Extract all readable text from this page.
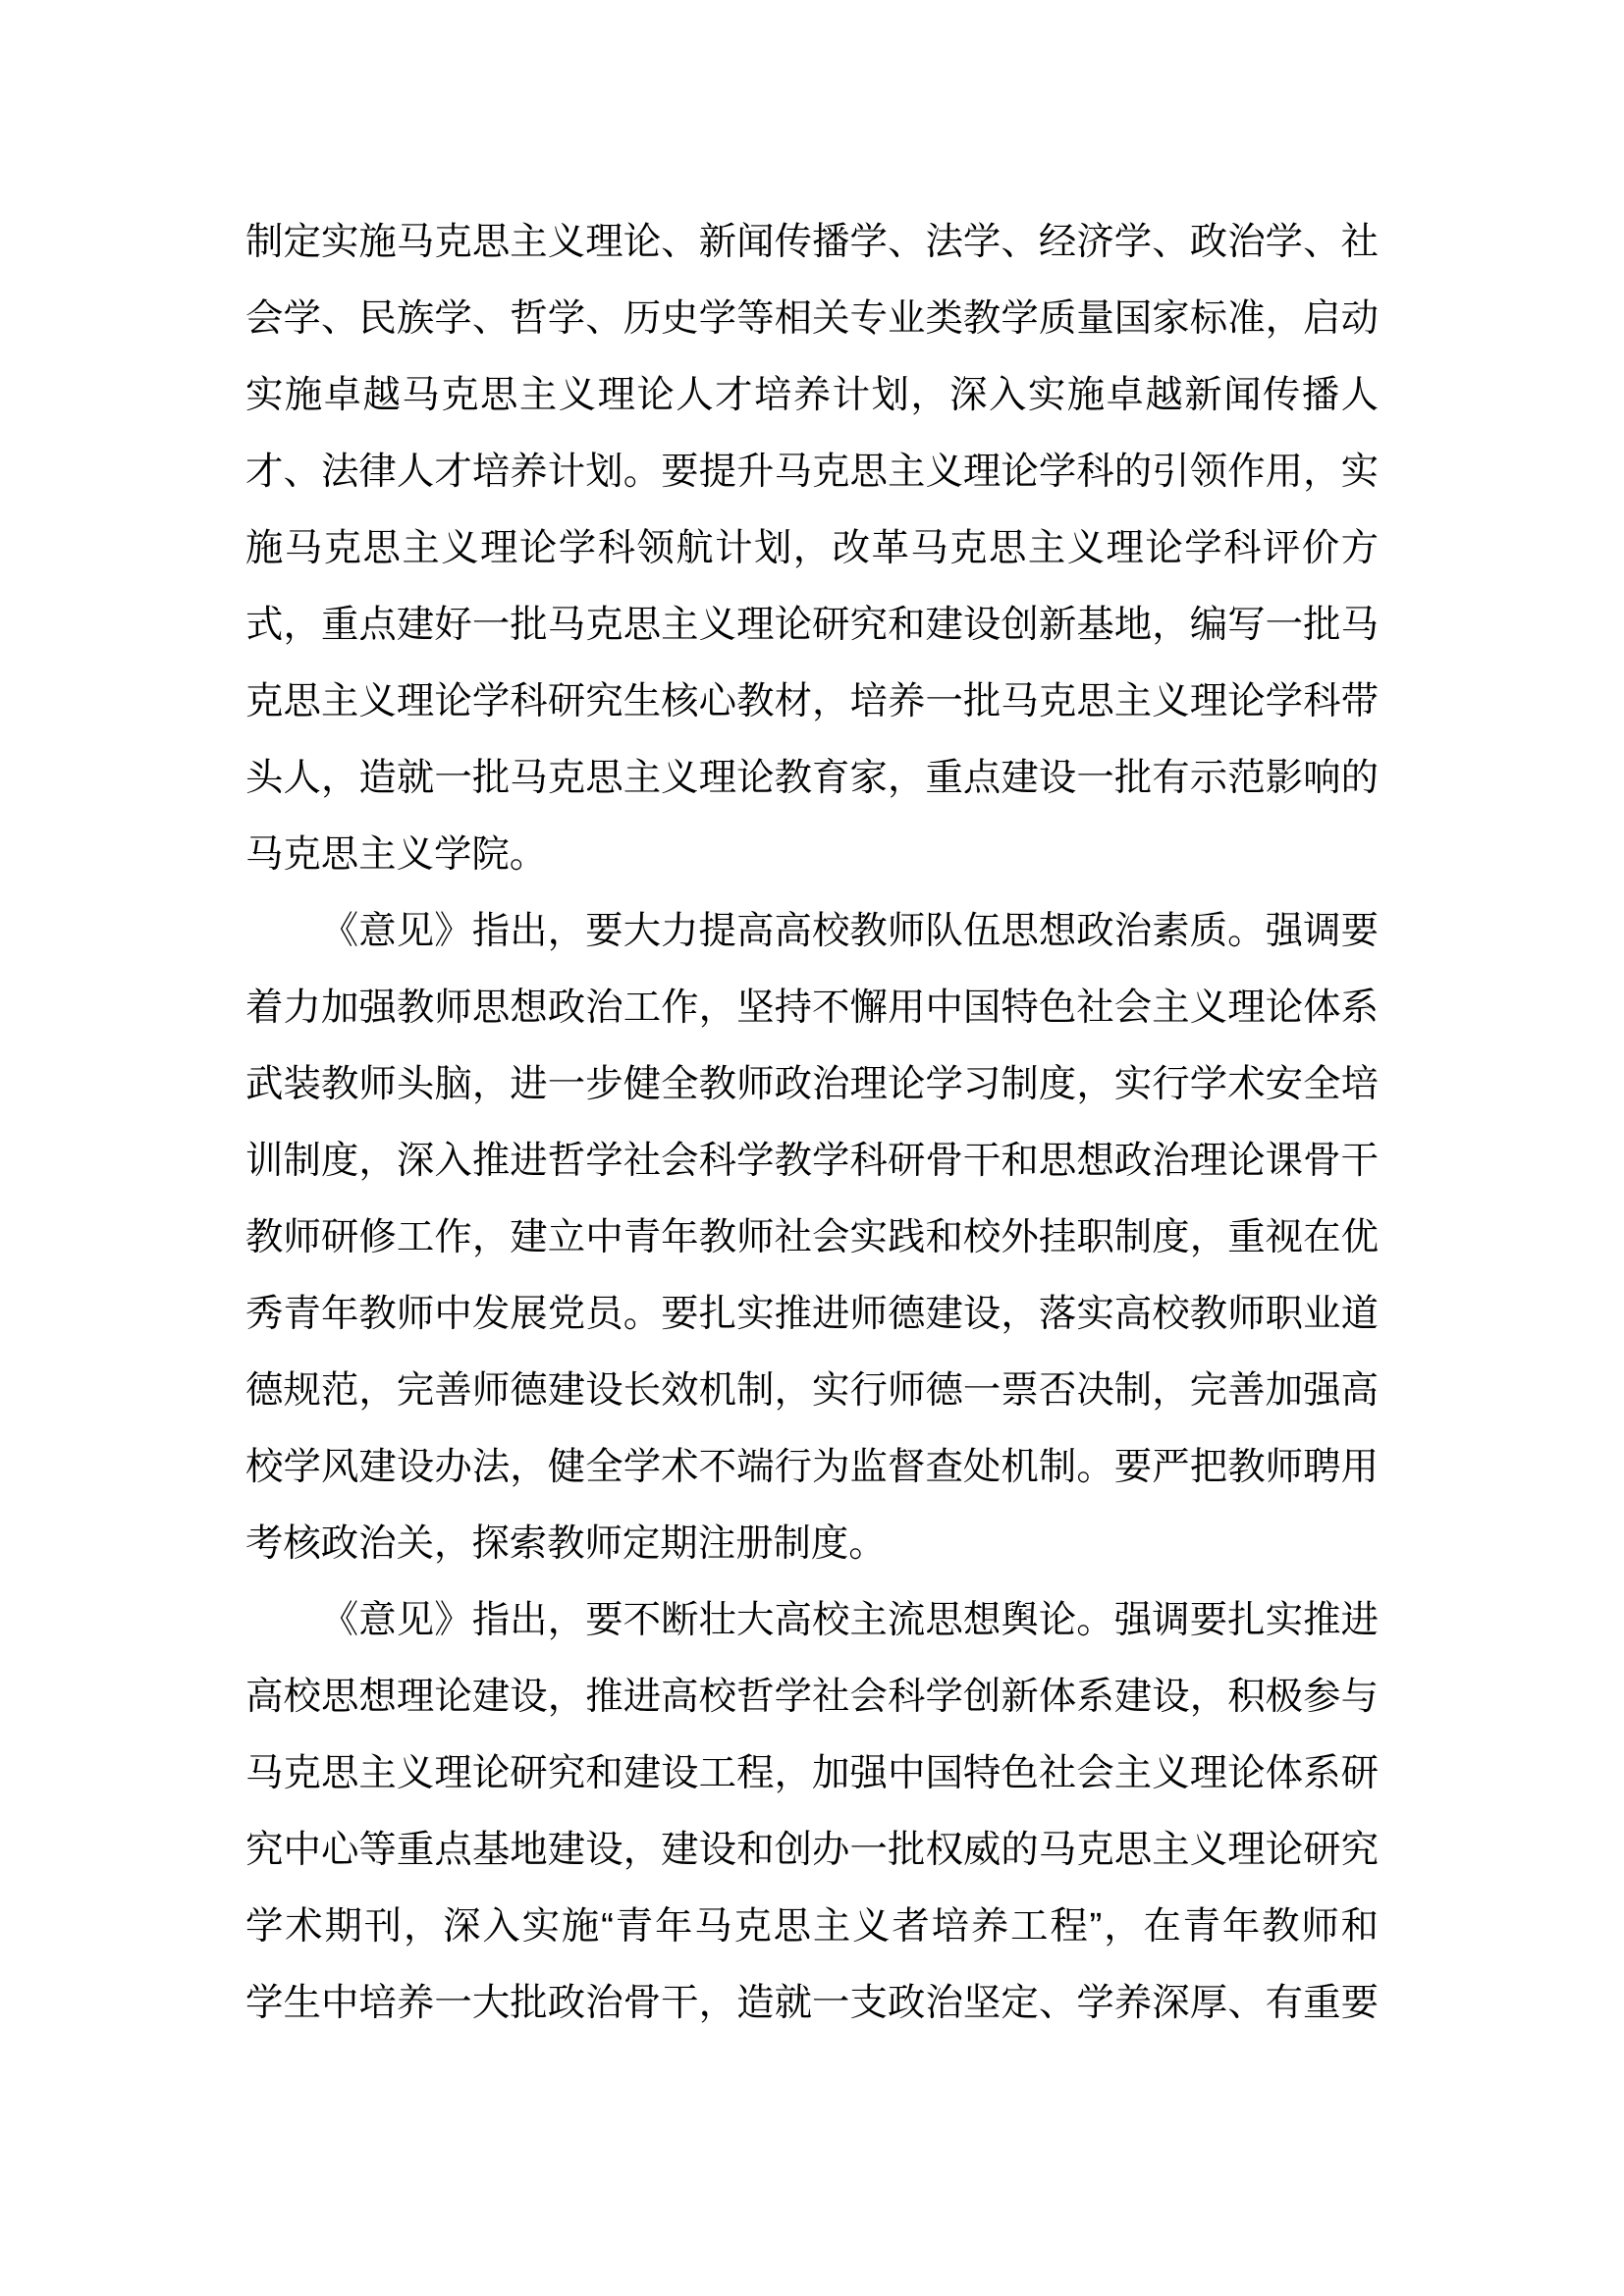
制定实施马克思主义理论、新闻传播学、法学、经济学、政治学、社
会学、民族学、哲学、历史学等相关专业类教学质量国家标准，启动
实施卓越马克思主义理论人才培养计划，深入实施卓越新闻传播人
才、法律人才培养计划。要提升马克思主义理论学科的引领作用，实
施马克思主义理论学科领航计划，改革马克思主义理论学科评价方
式，重点建好一批马克思主义理论研究和建设创新基地，编写一批马
克思主义理论学科研究生核心教材，培养一批马克思主义理论学科带
头人，造就一批马克思主义理论教育家，重点建设一批有示范影响的
马克思主义学院。
《意见》指出，要大力提高高校教师队伍思想政治素质。强调要
着力加强教师思想政治工作，坚持不懈用中国特色社会主义理论体系
武装教师头脑，进一步健全教师政治理论学习制度，实行学术安全培
训制度，深入推进哲学社会科学教学科研骨干和思想政治理论课骨干
教师研修工作，建立中青年教师社会实践和校外挂职制度，重视在优
秀青年教师中发展党员。要扎实推进师德建设，落实高校教师职业道
德规范，完善师德建设长效机制，实行师德一票否决制，完善加强高
校学风建设办法，健全学术不端行为监督查处机制。要严把教师聘用
考核政治关，探索教师定期注册制度。
《意见》指出，要不断壮大高校主流思想舆论。强调要扎实推进
高校思想理论建设，推进高校哲学社会科学创新体系建设，积极参与
马克思主义理论研究和建设工程，加强中国特色社会主义理论体系研
究中心等重点基地建设，建设和创办一批权威的马克思主义理论研究
学术期刊，深入实施“青年马克思主义者培养工程”，在青年教师和
学生中培养一大批政治骨干，造就一支政治坚定、学养深厚、有重要
